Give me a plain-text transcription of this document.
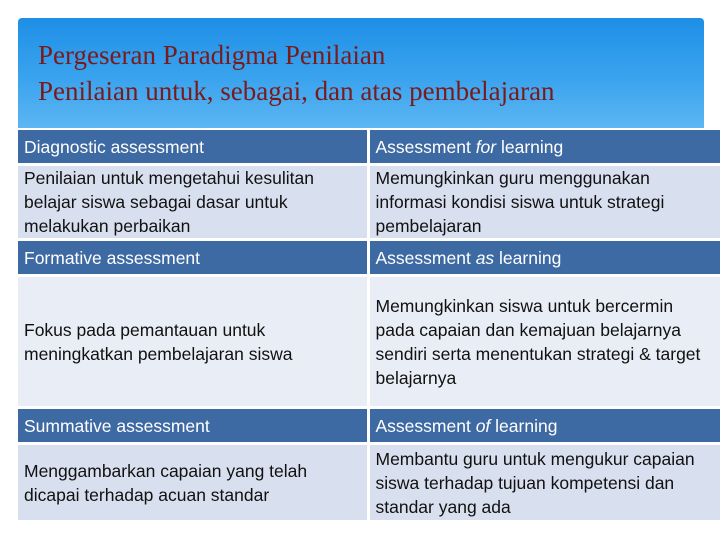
Pergeseran Paradigma Penilaian
Penilaian untuk, sebagai, dan atas pembelajaran
Diagnostic assessment	Assessment for learning
Penilaian untuk mengetahui kesulitan belajar siswa sebagai dasar untuk melakukan perbaikan	Memungkinkan guru menggunakan informasi kondisi siswa untuk strategi pembelajaran
Formative assessment	Assessment as learning
Fokus pada pemantauan untuk meningkatkan pembelajaran siswa	Memungkinkan siswa untuk bercermin pada capaian dan kemajuan belajarnya sendiri serta menentukan strategi & target belajarnya
Summative assessment	Assessment of learning
Menggambarkan capaian yang telah dicapai terhadap acuan standar	Membantu guru untuk mengukur capaian siswa terhadap tujuan kompetensi dan standar yang ada
